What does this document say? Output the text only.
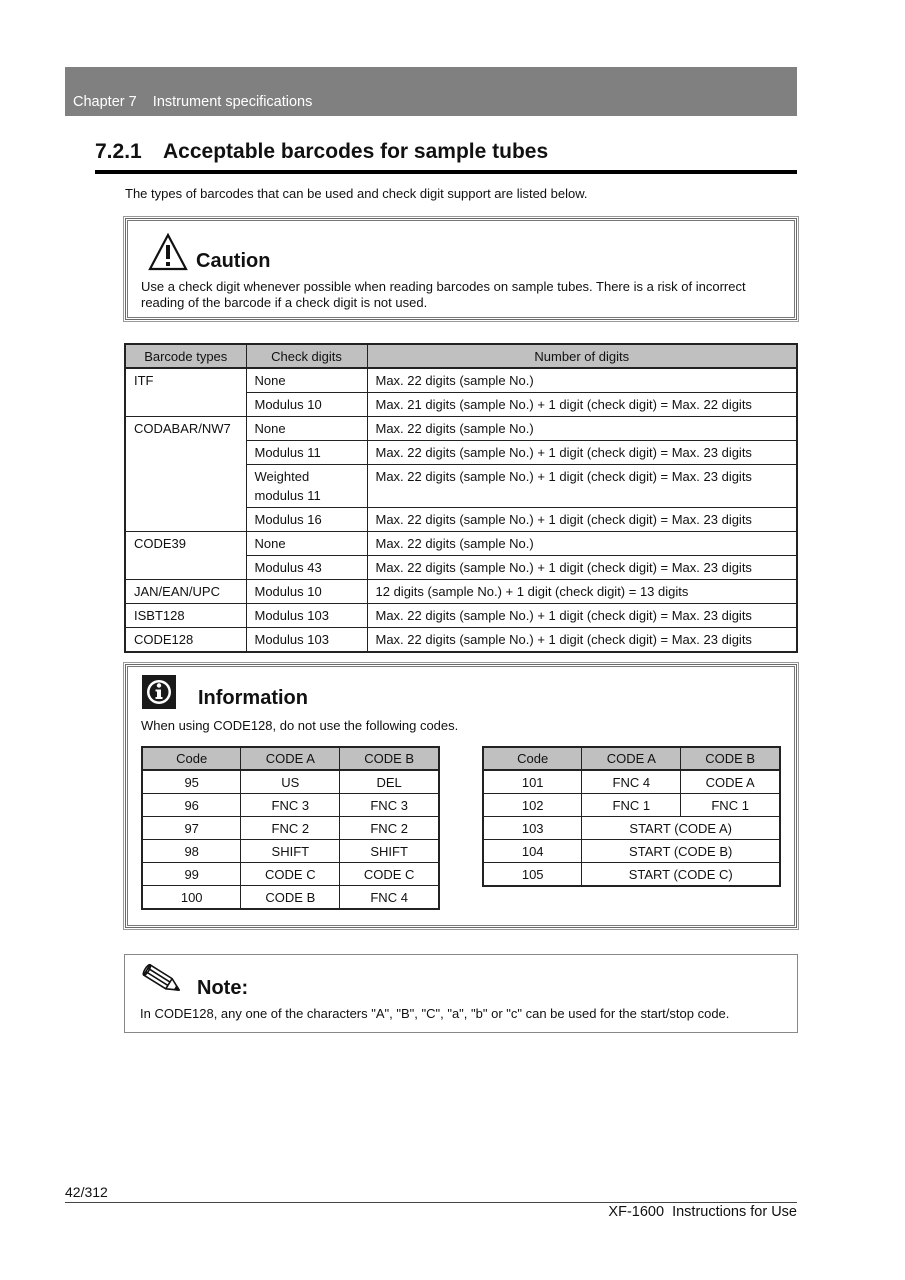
Chapter 7    Instrument specifications
7.2.1 Acceptable barcodes for sample tubes
The types of barcodes that can be used and check digit support are listed below.
Caution
Use a check digit whenever possible when reading barcodes on sample tubes. There is a risk of incorrect reading of the barcode if a check digit is not used.
Barcode types	Check digits	Number of digits
ITF	None	Max. 22 digits (sample No.)
	Modulus 10	Max. 21 digits (sample No.) + 1 digit (check digit) = Max. 22 digits
CODABAR/NW7	None	Max. 22 digits (sample No.)
	Modulus 11	Max. 22 digits (sample No.) + 1 digit (check digit) = Max. 23 digits
	Weighted modulus 11	Max. 22 digits (sample No.) + 1 digit (check digit) = Max. 23 digits
	Modulus 16	Max. 22 digits (sample No.) + 1 digit (check digit) = Max. 23 digits
CODE39	None	Max. 22 digits (sample No.)
	Modulus 43	Max. 22 digits (sample No.) + 1 digit (check digit) = Max. 23 digits
JAN/EAN/UPC	Modulus 10	12 digits (sample No.) + 1 digit (check digit) = 13 digits
ISBT128	Modulus 103	Max. 22 digits (sample No.) + 1 digit (check digit) = Max. 23 digits
CODE128	Modulus 103	Max. 22 digits (sample No.) + 1 digit (check digit) = Max. 23 digits
Information
When using CODE128, do not use the following codes.
Code	CODE A	CODE B
95	US	DEL
96	FNC 3	FNC 3
97	FNC 2	FNC 2
98	SHIFT	SHIFT
99	CODE C	CODE C
100	CODE B	FNC 4
Code	CODE A	CODE B
101	FNC 4	CODE A
102	FNC 1	FNC 1
103	START (CODE A)	
104	START (CODE B)	
105	START (CODE C)	
Note:
In CODE128, any one of the characters "A", "B", "C", "a", "b" or "c" can be used for the start/stop code.
42/312
XF-1600  Instructions for Use
